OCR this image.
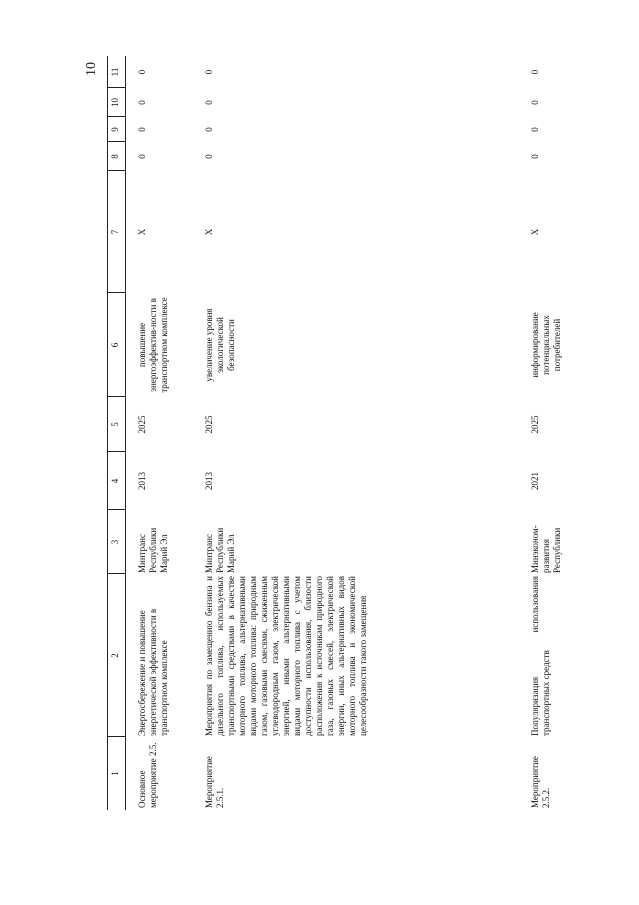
10
1
2
3
4
5
6
7
8
9
10
11
Основное мероприятие 2.5.
Энергосбережение и повышение энергетической эффективности в транспортном комплексе
Минтранс Республики Марий Эл
2013
2025
повышение энергоэффектив-ности в транспортном комплексе
Х
0
0
0
0
Мероприятие 2.5.1.
Мероприятия по замещению бензина и дизельного топлива, используемых транспортными средствами в качестве моторного топлива, альтернативными видами моторного топлива: природным газом, газовыми смесями, сжиженным углеводородным газом, электрической энергией, иными альтернативными видами моторного топлива с учетом доступности использования, близости расположения к источникам природного газа, газовых смесей, электрической энергии, иных альтернативных видов моторного топлива и экономической целесообразности такого замещения
Минтранс Республики Марий Эл
2013
2025
увеличение уровня экологической безопасности
Х
0
0
0
0
Мероприятие 2.5.2.
Популяризация использования транспортных средств
Минэконом-развития Республики
2021
2025
информирование потенциальных потребителей
Х
0
0
0
0
